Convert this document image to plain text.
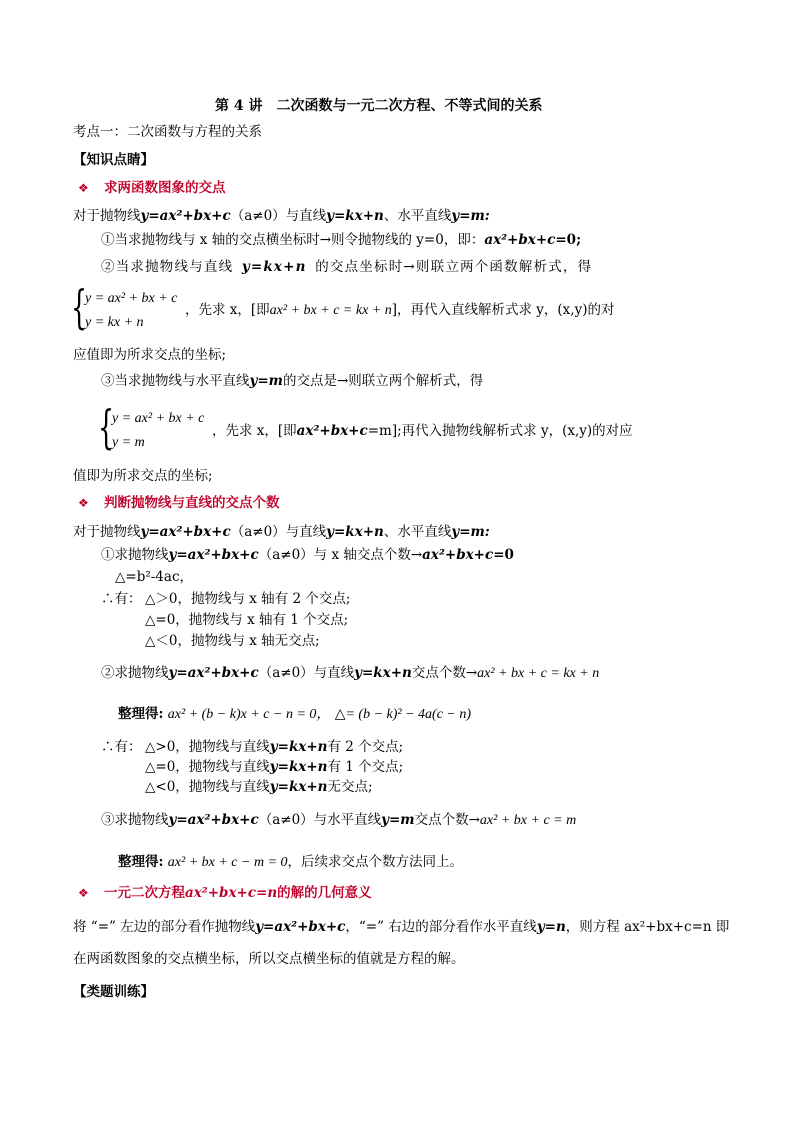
第 4 讲　二次函数与一元二次方程、不等式间的关系
考点一：二次函数与方程的关系
【知识点睛】
❖ 求两函数图象的交点
对于抛物线y=ax²+bx+c（a≠0）与直线y=kx+n、水平直线y=m:
①当求抛物线与 x 轴的交点横坐标时→则令抛物线的 y=0，即：ax²+bx+c=0;
②当求抛物线与直线 y=kx+n 的交点坐标时→则联立两个函数解析式，得
{
y = ax² + bx + c
y = kx + n
，先求 x，[即ax² + bx + c = kx + n]，再代入直线解析式求 y，(x,y)的对
应值即为所求交点的坐标;
③当求抛物线与水平直线y=m的交点是→则联立两个解析式，得
{
y = ax² + bx + c
y = m
，先求 x，[即ax²+bx+c=m];再代入抛物线解析式求 y，(x,y)的对应
值即为所求交点的坐标;
❖ 判断抛物线与直线的交点个数
对于抛物线y=ax²+bx+c（a≠0）与直线y=kx+n、水平直线y=m:
①求抛物线y=ax²+bx+c（a≠0）与 x 轴交点个数→ax²+bx+c=0
△=b²-4ac，
∴有： △＞0，抛物线与 x 轴有 2 个交点;
△=0，抛物线与 x 轴有 1 个交点;
△＜0，抛物线与 x 轴无交点;
②求抛物线y=ax²+bx+c（a≠0）与直线y=kx+n交点个数→ax² + bx + c = kx + n
整理得: ax² + (b − k)x + c − n = 0， △= (b − k)² − 4a(c − n)
∴有： △>0，抛物线与直线y=kx+n有 2 个交点;
△=0，抛物线与直线y=kx+n有 1 个交点;
△<0，抛物线与直线y=kx+n无交点;
③求抛物线y=ax²+bx+c（a≠0）与水平直线y=m交点个数→ax² + bx + c = m
整理得: ax² + bx + c − m = 0，后续求交点个数方法同上。
❖ 一元二次方程ax²+bx+c=n的解的几何意义
将 “=” 左边的部分看作抛物线y=ax²+bx+c，“=” 右边的部分看作水平直线y=n，则方程 ax²+bx+c=n 即
在两函数图象的交点横坐标，所以交点横坐标的值就是方程的解。
【类题训练】
